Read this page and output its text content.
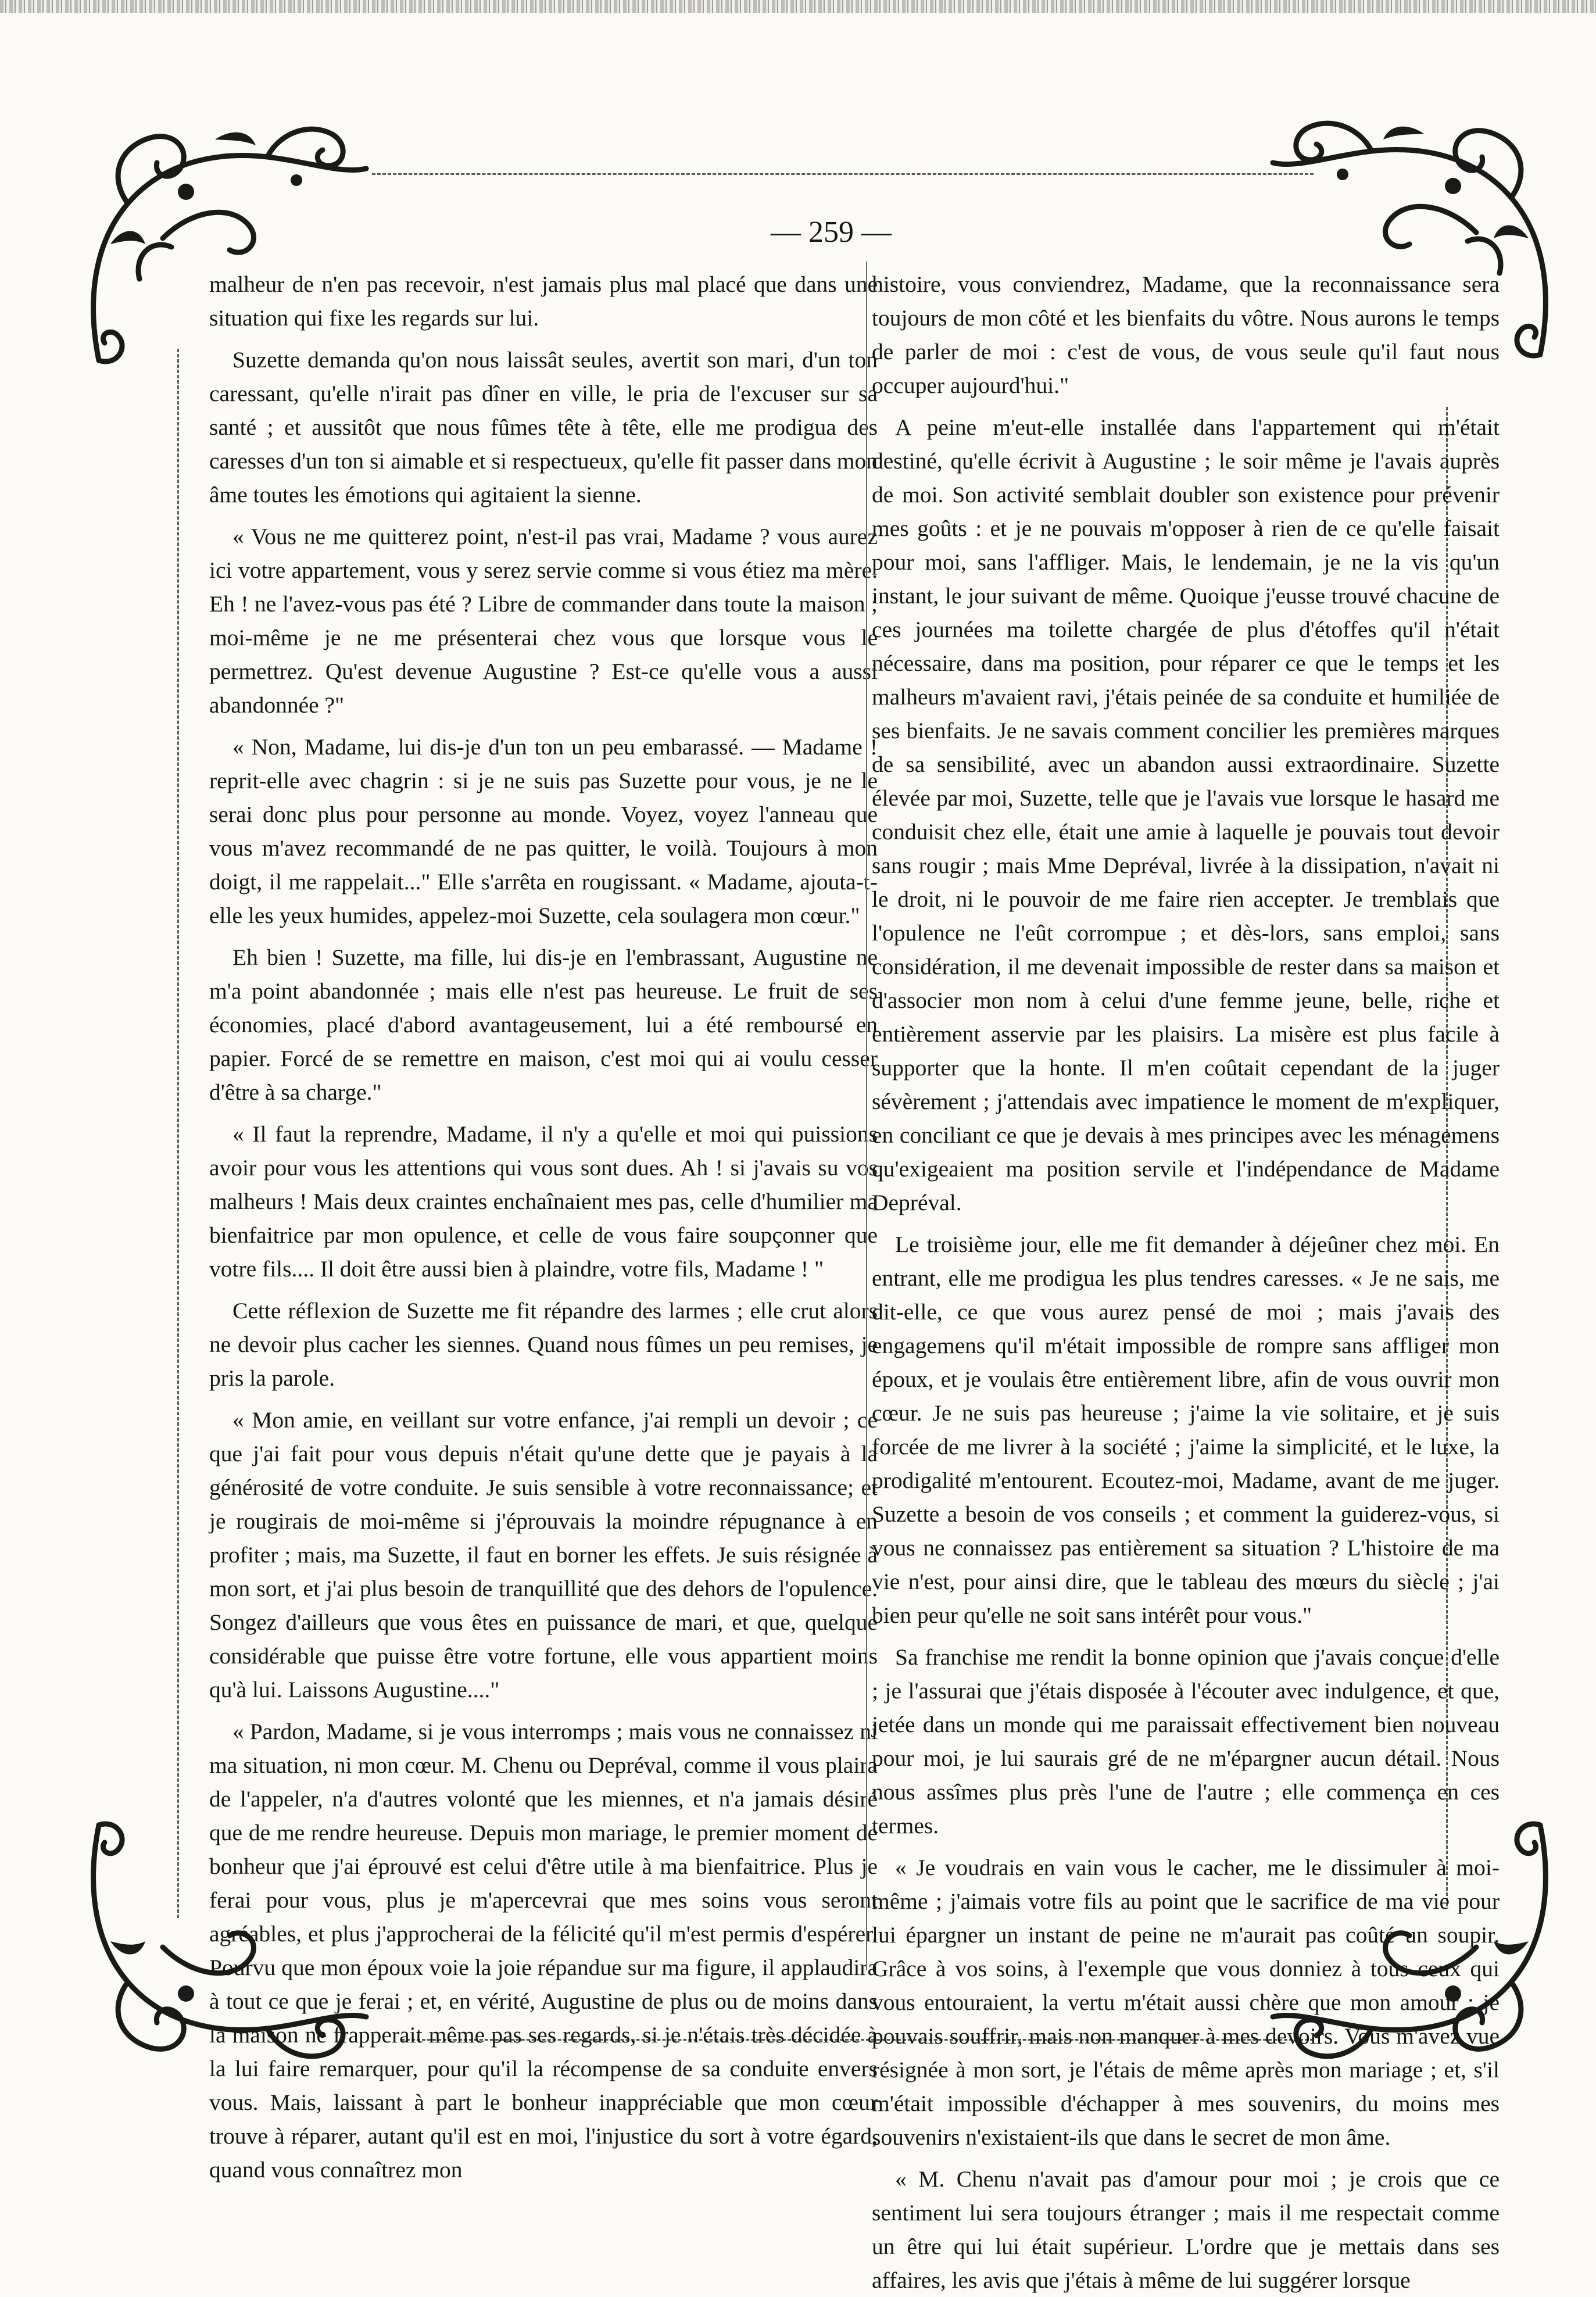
— 259 —

malheur de n'en pas recevoir, n'est jamais plus mal placé que dans une situation qui fixe les regards sur lui.

Suzette demanda qu'on nous laissât seules, avertit son mari, d'un ton caressant, qu'elle n'irait pas dîner en ville, le pria de l'excuser sur sa santé ; et aussitôt que nous fûmes tête à tête, elle me prodigua des caresses d'un ton si aimable et si respectueux, qu'elle fit passer dans mon âme toutes les émotions qui agitaient la sienne.

« Vous ne me quitterez point, n'est-il pas vrai, Madame ? vous aurez ici votre appartement, vous y serez servie comme si vous étiez ma mère. Eh ! ne l'avez-vous pas été ? Libre de commander dans toute la maison ; moi-même je ne me présenterai chez vous que lorsque vous le permettrez. Qu'est devenue Augustine ? Est-ce qu'elle vous a aussi abandonnée ?"

« Non, Madame, lui dis-je d'un ton un peu embarassé. — Madame ! reprit-elle avec chagrin : si je ne suis pas Suzette pour vous, je ne le serai donc plus pour personne au monde. Voyez, voyez l'anneau que vous m'avez recommandé de ne pas quitter, le voilà. Toujours à mon doigt, il me rappelait..." Elle s'arrêta en rougissant. « Madame, ajouta-t-elle les yeux humides, appelez-moi Suzette, cela soulagera mon cœur."

Eh bien ! Suzette, ma fille, lui dis-je en l'embrassant, Augustine ne m'a point abandonnée ; mais elle n'est pas heureuse. Le fruit de ses économies, placé d'abord avantageusement, lui a été remboursé en papier. Forcé de se remettre en maison, c'est moi qui ai voulu cesser d'être à sa charge."

« Il faut la reprendre, Madame, il n'y a qu'elle et moi qui puissions avoir pour vous les attentions qui vous sont dues. Ah ! si j'avais su vos malheurs ! Mais deux craintes enchaînaient mes pas, celle d'humilier ma bienfaitrice par mon opulence, et celle de vous faire soupçonner que votre fils.... Il doit être aussi bien à plaindre, votre fils, Madame ! "

Cette réflexion de Suzette me fit répandre des larmes ; elle crut alors ne devoir plus cacher les siennes. Quand nous fûmes un peu remises, je pris la parole.

« Mon amie, en veillant sur votre enfance, j'ai rempli un devoir ; ce que j'ai fait pour vous depuis n'était qu'une dette que je payais à la générosité de votre conduite. Je suis sensible à votre reconnaissance; et je rougirais de moi-même si j'éprouvais la moindre répugnance à en profiter ; mais, ma Suzette, il faut en borner les effets. Je suis résignée à mon sort, et j'ai plus besoin de tranquillité que des dehors de l'opulence. Songez d'ailleurs que vous êtes en puissance de mari, et que, quelque considérable que puisse être votre fortune, elle vous appartient moins qu'à lui. Laissons Augustine...."

« Pardon, Madame, si je vous interromps ; mais vous ne connaissez ni ma situation, ni mon cœur. M. Chenu ou Depréval, comme il vous plaira de l'appeler, n'a d'autres volonté que les miennes, et n'a jamais désiré que de me rendre heureuse. Depuis mon mariage, le premier moment de bonheur que j'ai éprouvé est celui d'être utile à ma bienfaitrice. Plus je ferai pour vous, plus je m'apercevrai que mes soins vous seront agréables, et plus j'approcherai de la félicité qu'il m'est permis d'espérer. Pourvu que mon époux voie la joie répandue sur ma figure, il applaudira à tout ce que je ferai ; et, en vérité, Augustine de plus ou de moins dans la maison ne frapperait même pas ses regards, si je n'étais très décidée à la lui faire remarquer, pour qu'il la récompense de sa conduite envers vous. Mais, laissant à part le bonheur inappréciable que mon cœur trouve à réparer, autant qu'il est en moi, l'injustice du sort à votre égard, quand vous connaîtrez mon

histoire, vous conviendrez, Madame, que la reconnaissance sera toujours de mon côté et les bienfaits du vôtre. Nous aurons le temps de parler de moi : c'est de vous, de vous seule qu'il faut nous occuper aujourd'hui."

A peine m'eut-elle installée dans l'appartement qui m'était destiné, qu'elle écrivit à Augustine ; le soir même je l'avais auprès de moi. Son activité semblait doubler son existence pour prévenir mes goûts : et je ne pouvais m'opposer à rien de ce qu'elle faisait pour moi, sans l'affliger. Mais, le lendemain, je ne la vis qu'un instant, le jour suivant de même. Quoique j'eusse trouvé chacune de ces journées ma toilette chargée de plus d'étoffes qu'il n'était nécessaire, dans ma position, pour réparer ce que le temps et les malheurs m'avaient ravi, j'étais peinée de sa conduite et humiliée de ses bienfaits. Je ne savais comment concilier les premières marques de sa sensibilité, avec un abandon aussi extraordinaire. Suzette élevée par moi, Suzette, telle que je l'avais vue lorsque le hasard me conduisit chez elle, était une amie à laquelle je pouvais tout devoir sans rougir ; mais Mme Depréval, livrée à la dissipation, n'avait ni le droit, ni le pouvoir de me faire rien accepter. Je tremblais que l'opulence ne l'eût corrompue ; et dès-lors, sans emploi, sans considération, il me devenait impossible de rester dans sa maison et d'associer mon nom à celui d'une femme jeune, belle, riche et entièrement asservie par les plaisirs. La misère est plus facile à supporter que la honte. Il m'en coûtait cependant de la juger sévèrement ; j'attendais avec impatience le moment de m'expliquer, en conciliant ce que je devais à mes principes avec les ménagemens qu'exigeaient ma position servile et l'indépendance de Madame Depréval.

Le troisième jour, elle me fit demander à déjeûner chez moi. En entrant, elle me prodigua les plus tendres caresses. « Je ne sais, me dit-elle, ce que vous aurez pensé de moi ; mais j'avais des engagemens qu'il m'était impossible de rompre sans affliger mon époux, et je voulais être entièrement libre, afin de vous ouvrir mon cœur. Je ne suis pas heureuse ; j'aime la vie solitaire, et je suis forcée de me livrer à la société ; j'aime la simplicité, et le luxe, la prodigalité m'entourent. Ecoutez-moi, Madame, avant de me juger. Suzette a besoin de vos conseils ; et comment la guiderez-vous, si vous ne connaissez pas entièrement sa situation ? L'histoire de ma vie n'est, pour ainsi dire, que le tableau des mœurs du siècle ; j'ai bien peur qu'elle ne soit sans intérêt pour vous."

Sa franchise me rendit la bonne opinion que j'avais conçue d'elle ; je l'assurai que j'étais disposée à l'écouter avec indulgence, et que, jetée dans un monde qui me paraissait effectivement bien nouveau pour moi, je lui saurais gré de ne m'épargner aucun détail. Nous nous assîmes plus près l'une de l'autre ; elle commença en ces termes.

« Je voudrais en vain vous le cacher, me le dissimuler à moi-même ; j'aimais votre fils au point que le sacrifice de ma vie pour lui épargner un instant de peine ne m'aurait pas coûté un soupir. Grâce à vos soins, à l'exemple que vous donniez à tous ceux qui vous entouraient, la vertu m'était aussi chère que mon amour ; je pouvais souffrir, mais non manquer à mes devoirs. Vous m'avez vue résignée à mon sort, je l'étais de même après mon mariage ; et, s'il m'était impossible d'échapper à mes souvenirs, du moins mes souvenirs n'existaient-ils que dans le secret de mon âme.

« M. Chenu n'avait pas d'amour pour moi ; je crois que ce sentiment lui sera toujours étranger ; mais il me respectait comme un être qui lui était supérieur. L'ordre que je mettais dans ses affaires, les avis que j'étais à même de lui suggérer lorsque
